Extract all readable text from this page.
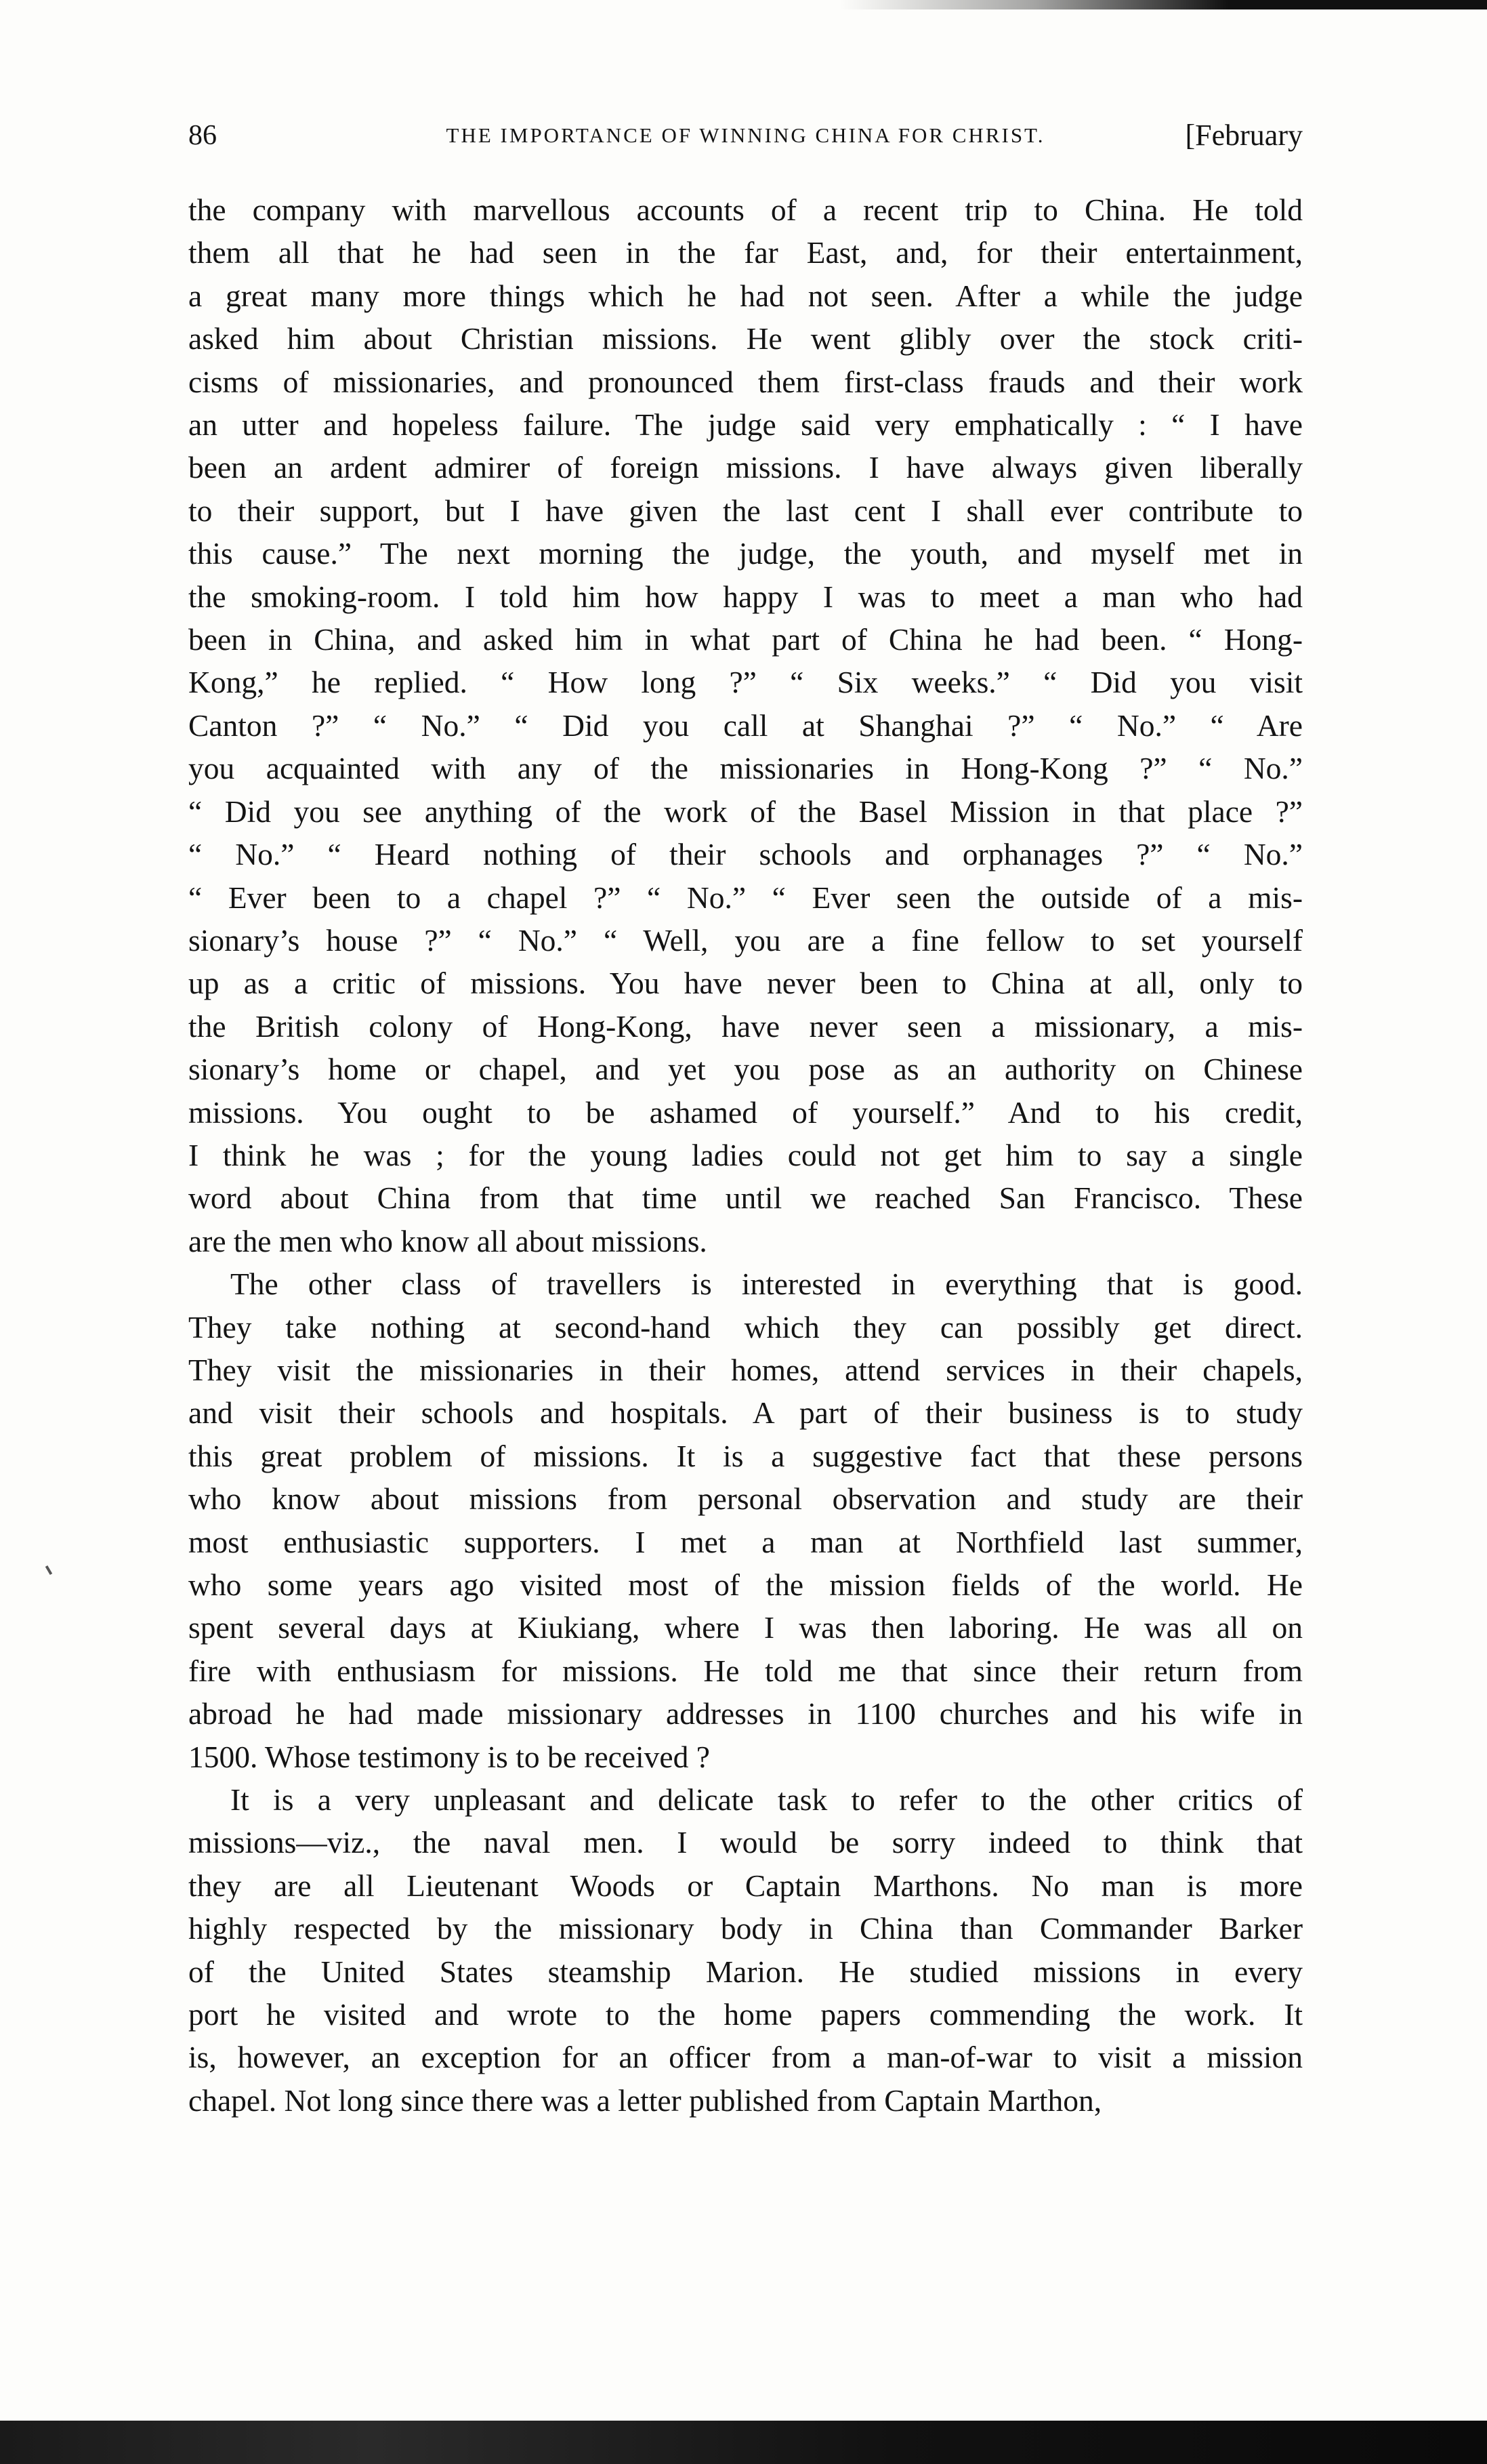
86	THE IMPORTANCE OF WINNING CHINA FOR CHRIST.	[February

the company with marvellous accounts of a recent trip to China. He told

them all that he had seen in the far East, and, for their entertainment,

a great many more things which he had not seen. After a while the judge

asked him about Christian missions. He went glibly over the stock criti-

cisms of missionaries, and pronounced them first-class frauds and their work

an utter and hopeless failure. The judge said very emphatically : “ I have

been an ardent admirer of foreign missions. I have always given liberally

to their support, but I have given the last cent I shall ever contribute to

this cause.” The next morning the judge, the youth, and myself met in

the smoking-room. I told him how happy I was to meet a man who had

been in China, and asked him in what part of China he had been. “ Hong-

Kong,” he replied. “ How long ?” “ Six weeks.” “ Did you visit

Canton ?” “ No.” “ Did you call at Shanghai ?” “ No.” “ Are

you acquainted with any of the missionaries in Hong-Kong ?” “ No.”

“ Did you see anything of the work of the Basel Mission in that place ?”

“ No.” “ Heard nothing of their schools and orphanages ?” “ No.”

“ Ever been to a chapel ?” “ No.” “ Ever seen the outside of a mis-

sionary’s house ?” “ No.” “ Well, you are a fine fellow to set yourself

up as a critic of missions. You have never been to China at all, only to

the British colony of Hong-Kong, have never seen a missionary, a mis-

sionary’s home or chapel, and yet you pose as an authority on Chinese

missions. You ought to be ashamed of yourself.” And to his credit,

I think he was ; for the young ladies could not get him to say a single

word about China from that time until we reached San Francisco. These

are the men who know all about missions.

The other class of travellers is interested in everything that is good.

They take nothing at second-hand which they can possibly get direct.

They visit the missionaries in their homes, attend services in their chapels,

and visit their schools and hospitals. A part of their business is to study

this great problem of missions. It is a suggestive fact that these persons

who know about missions from personal observation and study are their

most enthusiastic supporters. I met a man at Northfield last summer,

who some years ago visited most of the mission fields of the world. He

spent several days at Kiukiang, where I was then laboring. He was all on

fire with enthusiasm for missions. He told me that since their return from

abroad he had made missionary addresses in 1100 churches and his wife in

1500. Whose testimony is to be received ?

It is a very unpleasant and delicate task to refer to the other critics of

missions—viz., the naval men. I would be sorry indeed to think that

they are all Lieutenant Woods or Captain Marthons. No man is more

highly respected by the missionary body in China than Commander Barker

of the United States steamship Marion. He studied missions in every

port he visited and wrote to the home papers commending the work. It

is, however, an exception for an officer from a man-of-war to visit a mission

chapel. Not long since there was a letter published from Captain Marthon,
